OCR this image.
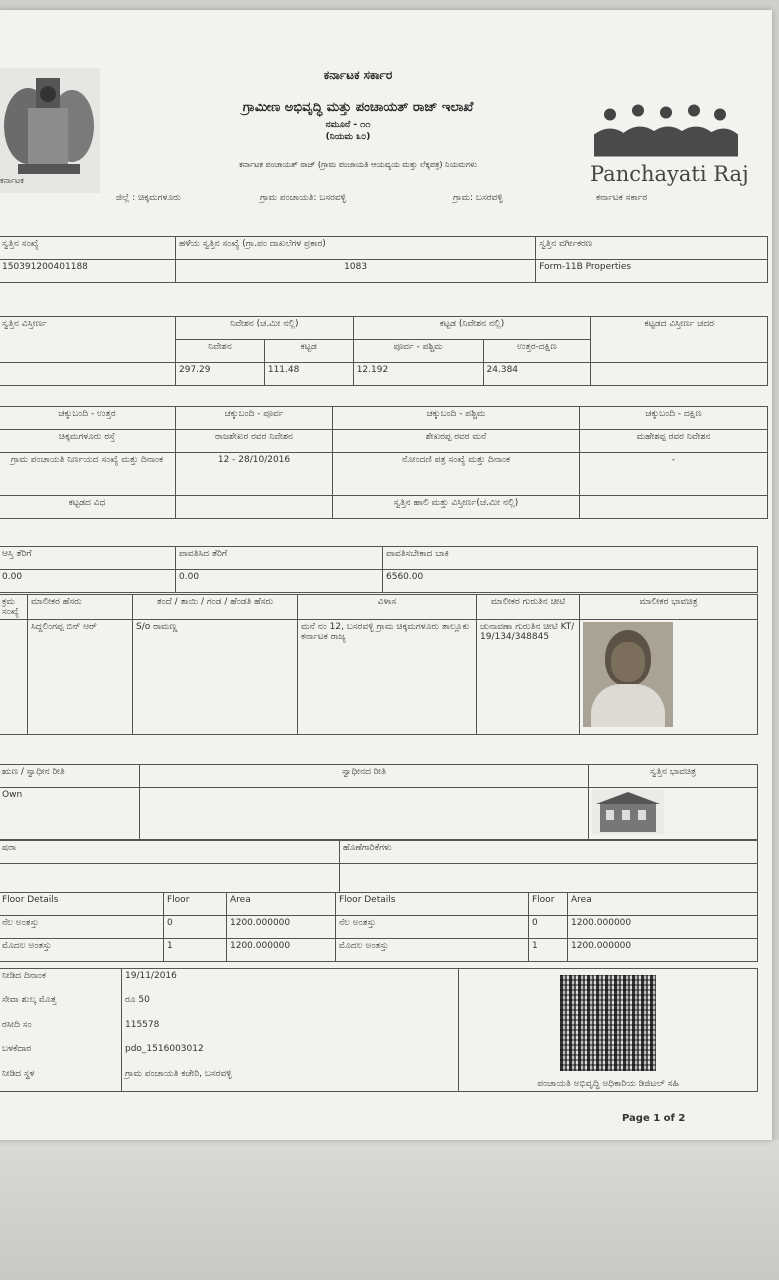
ಕರ್ನಾಟಕ
ಕರ್ನಾಟಕ ಸರ್ಕಾರ
ಗ್ರಾಮೀಣ ಅಭಿವೃದ್ಧಿ ಮತ್ತು ಪಂಚಾಯತ್ ರಾಜ್ ಇಲಾಖೆ
ನಮೂನೆ - ೧೧
(ನಿಯಮ ೩೦)
ಕರ್ನಾಟಕ ಪಂಚಾಯತ್ ರಾಜ್ (ಗ್ರಾಮ ಪಂಚಾಯತಿ ಆಯವ್ಯಯ ಮತ್ತು ಲೆಕ್ಕಪತ್ರ) ನಿಯಮಗಳು
ಜಿಲ್ಲೆ : ಚಿಕ್ಕಮಗಳೂರು	ಗ್ರಾಮ ಪಂಚಾಯತಿ: ಬಸರವಳ್ಳಿ	ಗ್ರಾಮ: ಬಸರವಳ್ಳಿ	ಕರ್ನಾಟಕ ಸರ್ಕಾರ
Panchayati Raj
ಸ್ವತ್ತಿನ ಸಂಖ್ಯೆ	ಹಳೆಯ ಸ್ವತ್ತಿನ ಸಂಖ್ಯೆ (ಗ್ರಾ.ಪಂ ದಾಖಲೆಗಳ ಪ್ರಕಾರ)	ಸ್ವತ್ತಿನ ವರ್ಗೀಕರಣ
150391200401188	1083	Form-11B Properties
ಸ್ವತ್ತಿನ ವಿಸ್ತೀರ್ಣ	ನಿವೇಶನ (ಚ.ಮೀ ನಲ್ಲಿ)		ಕಟ್ಟಡ (ನಿವೇಶನ ನಲ್ಲಿ)		ಕಟ್ಟಡದ ವಿಸ್ತೀರ್ಣ ಚದರ
	ನಿವೇಶನ	ಕಟ್ಟಡ	ಪೂರ್ವ - ಪಶ್ಚಿಮ	ಉತ್ತರ-ದಕ್ಷಿಣ	
	297.29	111.48	12.192	24.384	
ಚಕ್ಕುಬಂದಿ - ಉತ್ತರ	ಚಕ್ಕುಬಂದಿ - ಪೂರ್ವ	ಚಕ್ಕುಬಂದಿ - ಪಶ್ಚಿಮ	ಚಕ್ಕುಬಂದಿ - ದಕ್ಷಿಣ
ಚಿಕ್ಕಮಗಳೂರು ರಸ್ತೆ	ರಾಜಶೇಖರ ರವರ ನಿವೇಶನ	ಶೇಖರಪ್ಪ ರವರ ಮನೆ	ಮಹೇಶಪ್ಪ ರವರ ನಿವೇಶನ
ಗ್ರಾಮ ಪಂಚಾಯತಿ ನಿರ್ಣಯದ ಸಂಖ್ಯೆ ಮತ್ತು ದಿನಾಂಕ	12 - 28/10/2016	ನೋಂದಣಿ ಪತ್ರ ಸಂಖ್ಯೆ ಮತ್ತು ದಿನಾಂಕ	-
ಕಟ್ಟಡದ ವಿಧ		ಸ್ವತ್ತಿನ ಹಾಲಿ ಮತ್ತು ವಿಸ್ತೀರ್ಣ(ಚ.ಮೀ ನಲ್ಲಿ)	
ಆಸ್ತಿ ತೆರಿಗೆ	ಪಾವತಿಸಿದ ತೆರಿಗೆ	ಪಾವತಿಸಬೇಕಾದ ಬಾಕಿ
0.00	0.00	6560.00
ಕ್ರಮ ಸಂಖ್ಯೆ	ಮಾಲೀಕರ ಹೆಸರು	ತಂದೆ / ತಾಯಿ / ಗಂಡ / ಹೆಂಡತಿ ಹೆಸರು	ವಿಳಾಸ	ಮಾಲೀಕರ ಗುರುತಿನ ಚೀಟಿ	ಮಾಲೀಕರ ಭಾವಚಿತ್ರ
	ಸಿದ್ದಲಿಂಗಪ್ಪ ಬಿನ್ ಆರ್	S/o ರಾಮಣ್ಣ	ಮನೆ ನಂ 12, ಬಸರವಳ್ಳಿ ಗ್ರಾಮ ಚಿಕ್ಕಮಗಳೂರು ತಾಲ್ಲೂಕು ಕರ್ನಾಟಕ ರಾಜ್ಯ	ಚುನಾವಣಾ ಗುರುತಿನ ಚೀಟಿ KT/19/134/348845	
ಋಣ / ಸ್ವಾಧೀನ ರೀತಿ	ಸ್ವಾಧೀನದ ರೀತಿ	ಸ್ವತ್ತಿನ ಭಾವಚಿತ್ರ
Own		
ಷರಾ	ಹೊಣೆಗಾರಿಕೆಗಳು

Floor Details	Floor	Area	Floor Details	Floor	Area
ನೆಲ ಅಂತಸ್ತು	0	1200.000000	ನೆಲ ಅಂತಸ್ತು	0	1200.000000
ಮೊದಲ ಅಂತಸ್ತು	1	1200.000000	ಮೊದಲ ಅಂತಸ್ತು	1	1200.000000
ನೀಡಿದ ದಿನಾಂಕ	19/11/2016	ಪಂಚಾಯತಿ ಅಭಿವೃದ್ಧಿ ಅಧಿಕಾರಿಯ ಡಿಜಿಟಲ್ ಸಹಿ

ಸೇವಾ ಶುಲ್ಕ ಮೊತ್ತ	ರೂ 50	
ರಸೀದಿ ಸಂ	115578	
ಬಳಕೆದಾರ	pdo_1516003012	
ನೀಡಿದ ಸ್ಥಳ	ಗ್ರಾಮ ಪಂಚಾಯತಿ ಕಚೇರಿ, ಬಸರವಳ್ಳಿ	
Page 1 of 2
